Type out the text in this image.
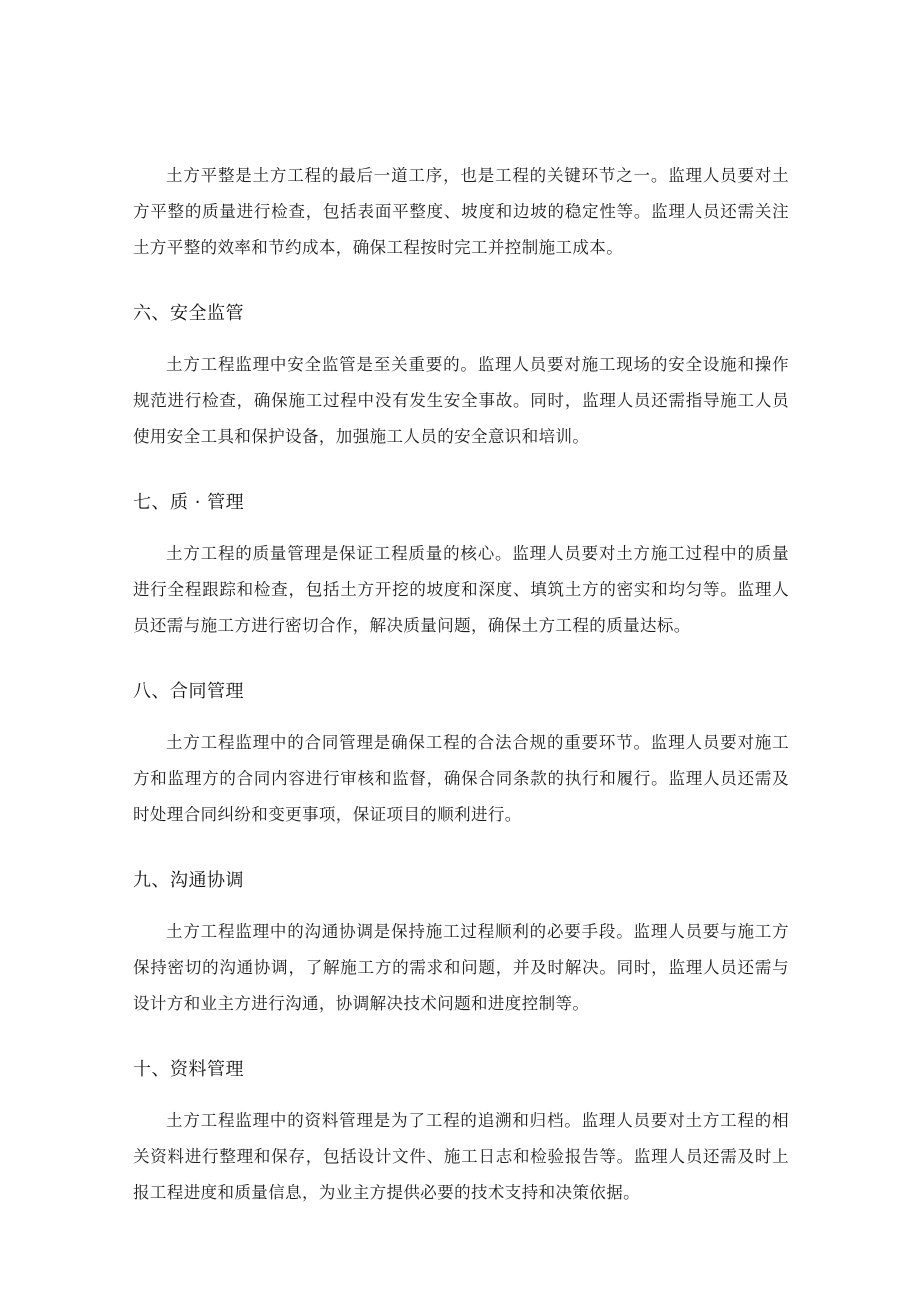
土方平整是土方工程的最后一道工序，也是工程的关键环节之一。监理人员要对土方平整的质量进行检查，包括表面平整度、坡度和边坡的稳定性等。监理人员还需关注土方平整的效率和节约成本，确保工程按时完工并控制施工成本。

六、安全监管

土方工程监理中安全监管是至关重要的。监理人员要对施工现场的安全设施和操作规范进行检查，确保施工过程中没有发生安全事故。同时，监理人员还需指导施工人员使用安全工具和保护设备，加强施工人员的安全意识和培训。

七、质 · 管理

土方工程的质量管理是保证工程质量的核心。监理人员要对土方施工过程中的质量进行全程跟踪和检查，包括土方开挖的坡度和深度、填筑土方的密实和均匀等。监理人员还需与施工方进行密切合作，解决质量问题，确保土方工程的质量达标。

八、合同管理

土方工程监理中的合同管理是确保工程的合法合规的重要环节。监理人员要对施工方和监理方的合同内容进行审核和监督，确保合同条款的执行和履行。监理人员还需及时处理合同纠纷和变更事项，保证项目的顺利进行。

九、沟通协调

土方工程监理中的沟通协调是保持施工过程顺利的必要手段。监理人员要与施工方保持密切的沟通协调，了解施工方的需求和问题，并及时解决。同时，监理人员还需与设计方和业主方进行沟通，协调解决技术问题和进度控制等。

十、资料管理

土方工程监理中的资料管理是为了工程的追溯和归档。监理人员要对土方工程的相关资料进行整理和保存，包括设计文件、施工日志和检验报告等。监理人员还需及时上报工程进度和质量信息，为业主方提供必要的技术支持和决策依据。
